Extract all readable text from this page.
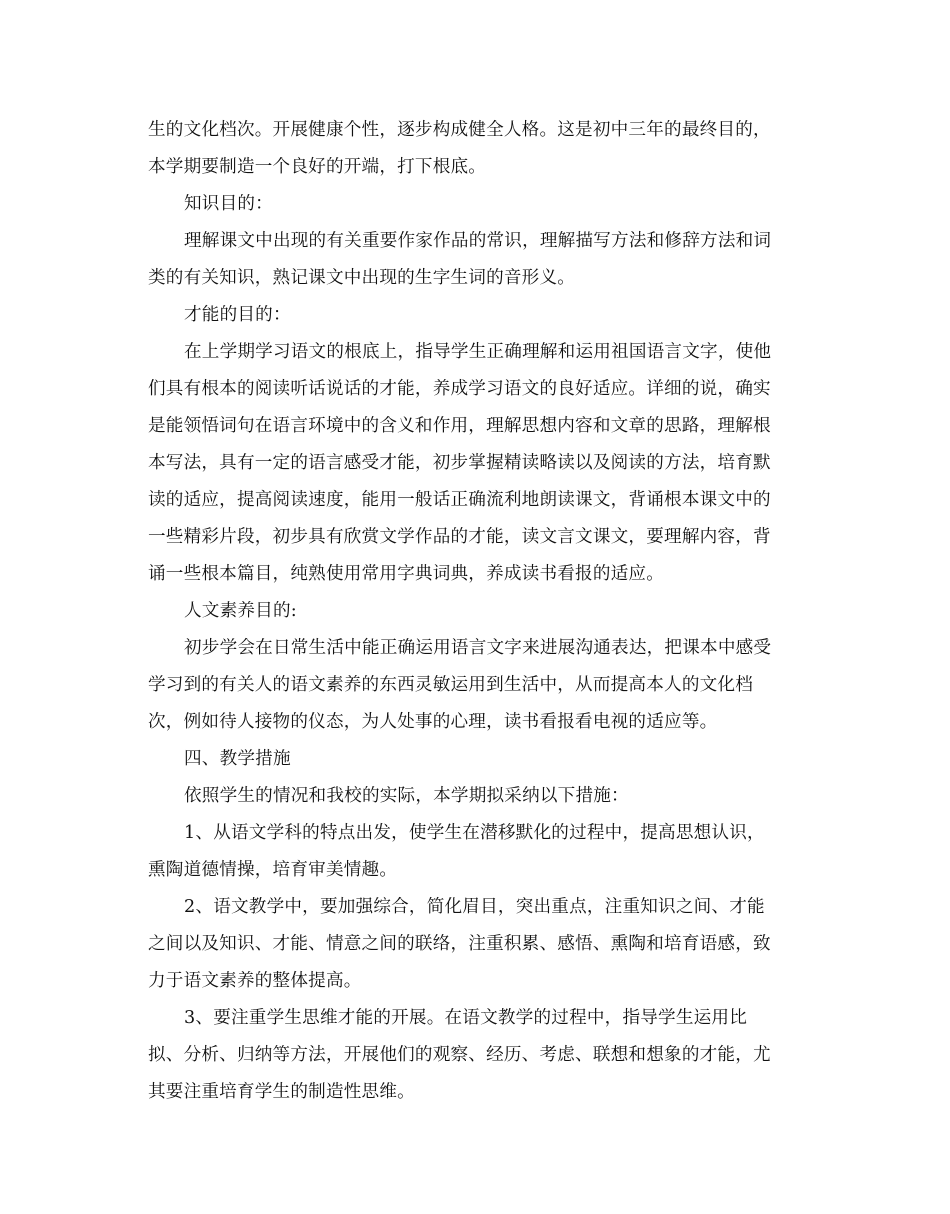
生的文化档次。开展健康个性，逐步构成健全人格。这是初中三年的最终目的，
本学期要制造一个良好的开端，打下根底。
知识目的：
理解课文中出现的有关重要作家作品的常识，理解描写方法和修辞方法和词
类的有关知识，熟记课文中出现的生字生词的音形义。
才能的目的：
在上学期学习语文的根底上，指导学生正确理解和运用祖国语言文字，使他
们具有根本的阅读听话说话的才能，养成学习语文的良好适应。详细的说，确实
是能领悟词句在语言环境中的含义和作用，理解思想内容和文章的思路，理解根
本写法，具有一定的语言感受才能，初步掌握精读略读以及阅读的方法，培育默
读的适应，提高阅读速度，能用一般话正确流利地朗读课文，背诵根本课文中的
一些精彩片段，初步具有欣赏文学作品的才能，读文言文课文，要理解内容，背
诵一些根本篇目，纯熟使用常用字典词典，养成读书看报的适应。
人文素养目的:
初步学会在日常生活中能正确运用语言文字来进展沟通表达，把课本中感受
学习到的有关人的语文素养的东西灵敏运用到生活中，从而提高本人的文化档
次，例如待人接物的仪态，为人处事的心理，读书看报看电视的适应等。
四、教学措施
依照学生的情况和我校的实际，本学期拟采纳以下措施：
1、从语文学科的特点出发，使学生在潜移默化的过程中，提高思想认识，
熏陶道德情操，培育审美情趣。
2、语文教学中，要加强综合，简化眉目，突出重点，注重知识之间、才能
之间以及知识、才能、情意之间的联络，注重积累、感悟、熏陶和培育语感，致
力于语文素养的整体提高。
3、要注重学生思维才能的开展。在语文教学的过程中，指导学生运用比
拟、分析、归纳等方法，开展他们的观察、经历、考虑、联想和想象的才能，尤
其要注重培育学生的制造性思维。
